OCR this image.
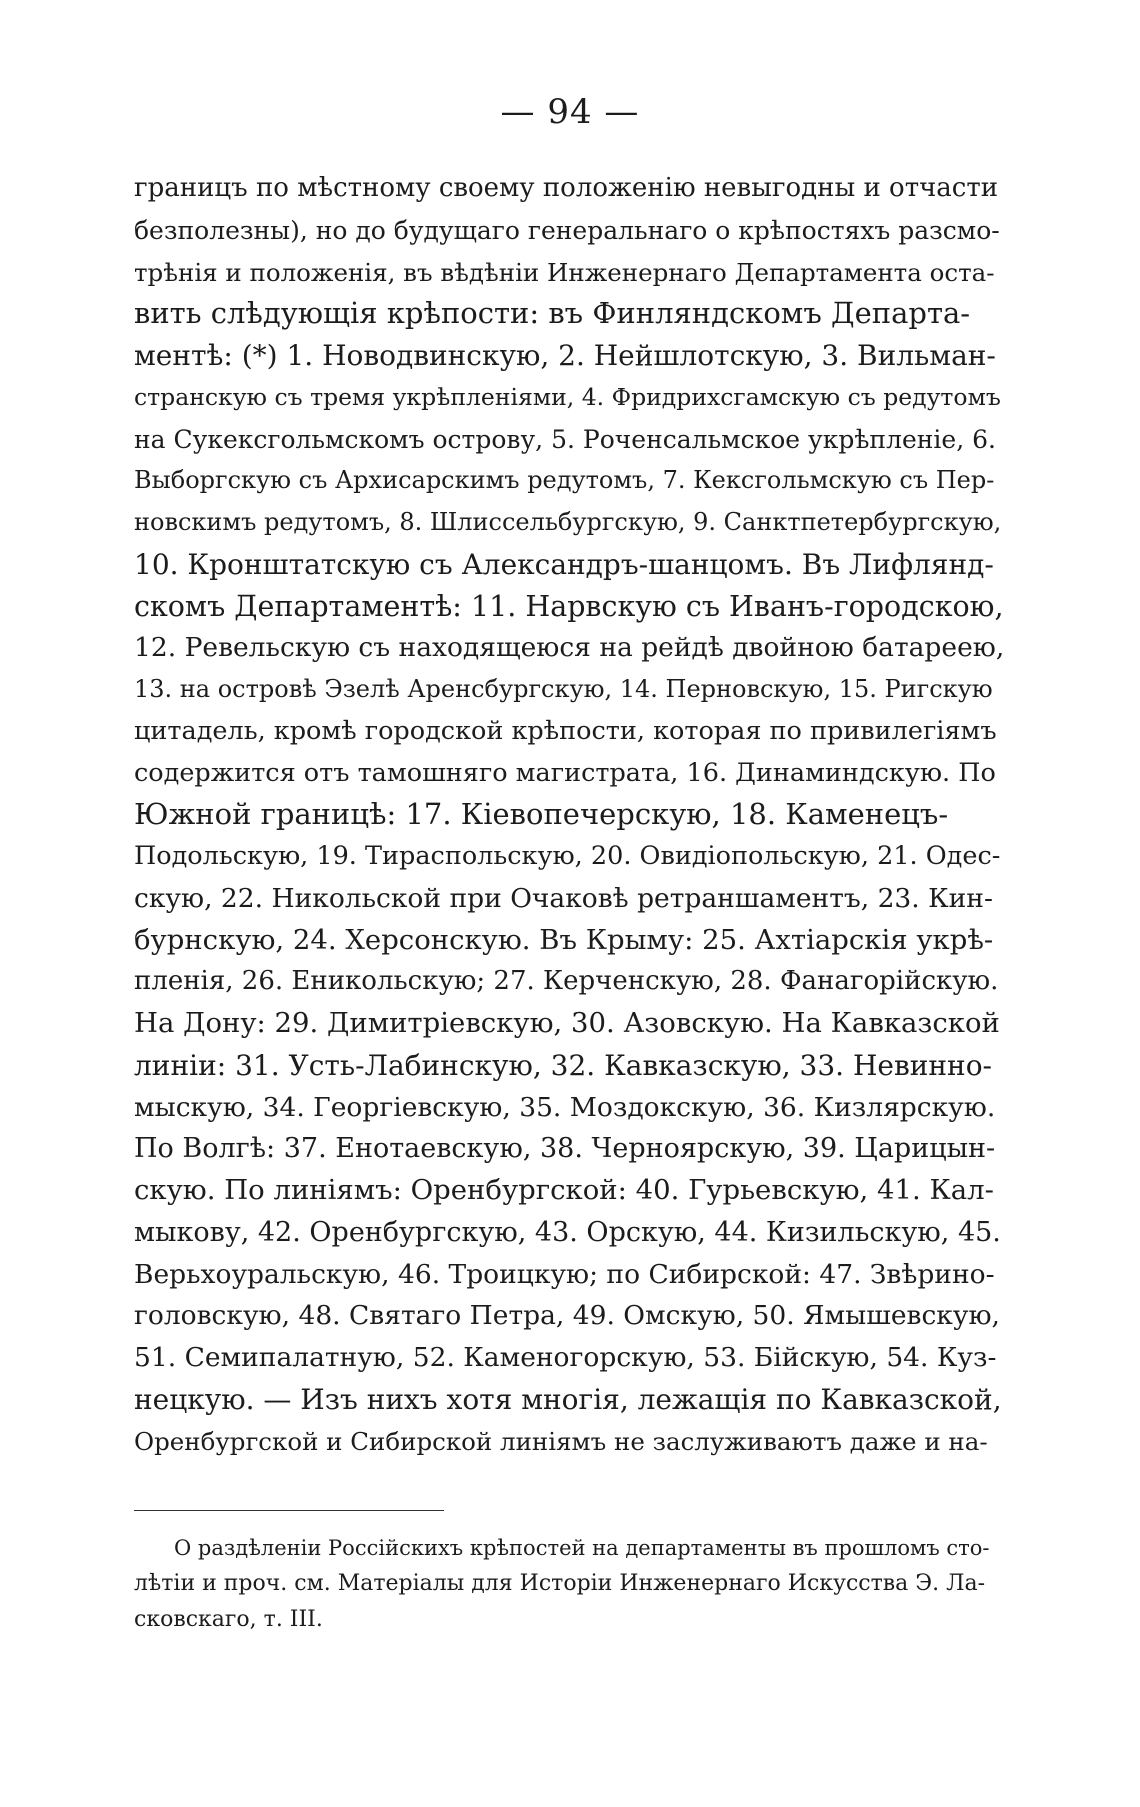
— 94 —
границъ по мѣстному своему положенію невыгодны и отчасти
безполезны), но до будущаго генеральнаго о крѣпостяхъ разсмо-
трѣнія и положенія, въ вѣдѣніи Инженернаго Департамента оста-
вить слѣдующія крѣпости: въ Финляндскомъ Департа-
ментѣ: (*) 1. Новодвинскую, 2. Нейшлотскую, 3. Вильман-
странскую съ тремя укрѣпленіями, 4. Фридрихсгамскую съ редутомъ
на Сукексгольмскомъ острову, 5. Роченсальмское укрѣпленіе, 6.
Выборгскую съ Архисарскимъ редутомъ, 7. Кексгольмскую съ Пер-
новскимъ редутомъ, 8. Шлиссельбургскую, 9. Санктпетербургскую,
10. Кронштатскую съ Александръ-шанцомъ. Въ Лифлянд-
скомъ Департаментѣ: 11. Нарвскую съ Иванъ-городскою,
12. Ревельскую съ находящеюся на рейдѣ двойною батареею,
13. на островѣ Эзелѣ Аренсбургскую, 14. Перновскую, 15. Ригскую
цитадель, кромѣ городской крѣпости, которая по привилегіямъ
содержится отъ тамошняго магистрата, 16. Динаминдскую. По
Южной границѣ: 17. Кіевопечерскую, 18. Каменецъ-
Подольскую, 19. Тираспольскую, 20. Овидіопольскую, 21. Одес-
скую, 22. Никольской при Очаковѣ ретраншаментъ, 23. Кин-
бурнскую, 24. Херсонскую. Въ Крыму: 25. Ахтіарскія укрѣ-
пленія, 26. Еникольскую; 27. Керченскую, 28. Фанагорійскую.
На Дону: 29. Димитріевскую, 30. Азовскую. На Кавказской
линіи: 31. Усть-Лабинскую, 32. Кавказскую, 33. Невинно-
мыскую, 34. Георгіевскую, 35. Моздокскую, 36. Кизлярскую.
По Волгѣ: 37. Енотаевскую, 38. Черноярскую, 39. Царицын-
скую. По линіямъ: Оренбургской: 40. Гурьевскую, 41. Кал-
мыкову, 42. Оренбургскую, 43. Орскую, 44. Кизильскую, 45.
Верьхоуральскую, 46. Троицкую; по Сибирской: 47. Звѣрино-
головскую, 48. Святаго Петра, 49. Омскую, 50. Ямышевскую,
51. Семипалатную, 52. Каменогорскую, 53. Бійскую, 54. Куз-
нецкую. — Изъ нихъ хотя многія, лежащія по Кавказской,
Оренбургской и Сибирской линіямъ не заслуживаютъ даже и на-
О раздѣленіи Россійскихъ крѣпостей на департаменты въ прошломъ сто-
лѣтіи и проч. см. Матеріалы для Исторіи Инженернаго Искусства Э. Ла-
сковскаго, т. III.
